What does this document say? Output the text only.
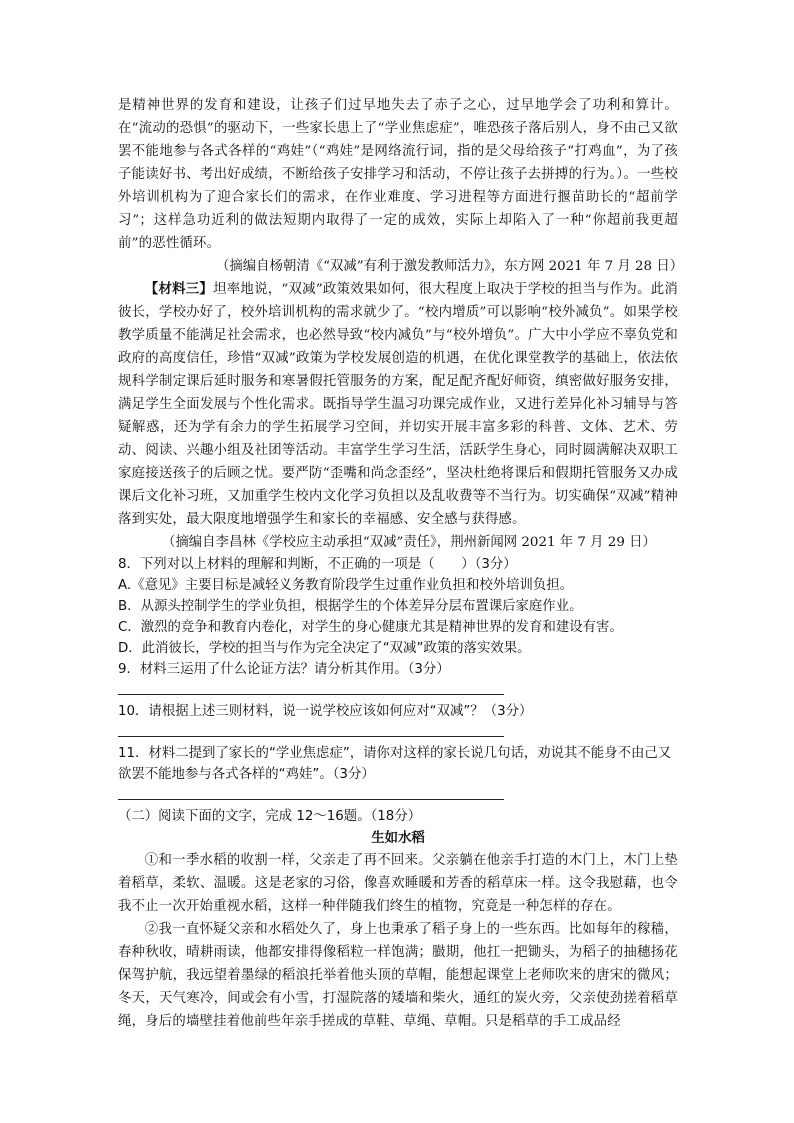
是精神世界的发育和建设，让孩子们过早地失去了赤子之心，过早地学会了功利和算计。在“流动的恐惧”的驱动下，一些家长患上了“学业焦虑症”，唯恐孩子落后别人，身不由己又欲罢不能地参与各式各样的“鸡娃”（“鸡娃”是网络流行词，指的是父母给孩子“打鸡血”，为了孩子能读好书、考出好成绩，不断给孩子安排学习和活动，不停让孩子去拼搏的行为。）。一些校外培训机构为了迎合家长们的需求，在作业难度、学习进程等方面进行揠苗助长的“超前学习”；这样急功近利的做法短期内取得了一定的成效，实际上却陷入了一种“你超前我更超前”的恶性循环。

（摘编自杨朝清《“双减”有利于激发教师活力》，东方网 2021 年 7 月 28 日）

【材料三】坦率地说，“双减”政策效果如何，很大程度上取决于学校的担当与作为。此消彼长，学校办好了，校外培训机构的需求就少了。“校内增质”可以影响“校外减负”。如果学校教学质量不能满足社会需求，也必然导致“校内减负”与“校外增负”。广大中小学应不辜负党和政府的高度信任，珍惜“双减”政策为学校发展创造的机遇，在优化课堂教学的基础上，依法依规科学制定课后延时服务和寒暑假托管服务的方案，配足配齐配好师资，缜密做好服务安排，满足学生全面发展与个性化需求。既指导学生温习功课完成作业，又进行差异化补习辅导与答疑解惑，还为学有余力的学生拓展学习空间，并切实开展丰富多彩的科普、文体、艺术、劳动、阅读、兴趣小组及社团等活动。丰富学生学习生活，活跃学生身心，同时圆满解决双职工家庭接送孩子的后顾之忧。要严防“歪嘴和尚念歪经”，坚决杜绝将课后和假期托管服务又办成课后文化补习班，又加重学生校内文化学习负担以及乱收费等不当行为。切实确保“双减”精神落到实处，最大限度地增强学生和家长的幸福感、安全感与获得感。

（摘编自李昌林《学校应主动承担“双减”责任》，荆州新闻网 2021 年 7 月 29 日）

8．下列对以上材料的理解和判断，不正确的一项是（　　）（3分）

A.《意见》主要目标是减轻义务教育阶段学生过重作业负担和校外培训负担。

B．从源头控制学生的学业负担，根据学生的个体差异分层布置课后家庭作业。

C．激烈的竞争和教育内卷化，对学生的身心健康尤其是精神世界的发育和建设有害。

D．此消彼长，学校的担当与作为完全决定了“双减”政策的落实效果。

9．材料三运用了什么论证方法？请分析其作用。（3分）

10．请根据上述三则材料，说一说学校应该如何应对“双减”？（3分）

11．材料二提到了家长的“学业焦虑症”，请你对这样的家长说几句话，劝说其不能身不由己又欲罢不能地参与各式各样的“鸡娃”。（3分）

（二）阅读下面的文字，完成 12～16题。（18分）

生如水稻

①和一季水稻的收割一样，父亲走了再不回来。父亲躺在他亲手打造的木门上，木门上垫着稻草，柔软、温暖。这是老家的习俗，像喜欢睡暖和芳香的稻草床一样。这令我慰藉，也令我不止一次开始重视水稻，这样一种伴随我们终生的植物，究竟是一种怎样的存在。

②我一直怀疑父亲和水稻处久了，身上也秉承了稻子身上的一些东西。比如每年的稼穑，春种秋收，晴耕雨读，他都安排得像稻粒一样饱满；臌期，他扛一把锄头，为稻子的抽穗扬花保驾护航，我远望着墨绿的稻浪托举着他头顶的草帽，能想起课堂上老师吹来的唐宋的微风；冬天，天气寒冷，间或会有小雪，打湿院落的矮墙和柴火，通红的炭火旁，父亲使劲搓着稻草绳，身后的墙壁挂着他前些年亲手搓成的草鞋、草绳、草帽。只是稻草的手工成品经
